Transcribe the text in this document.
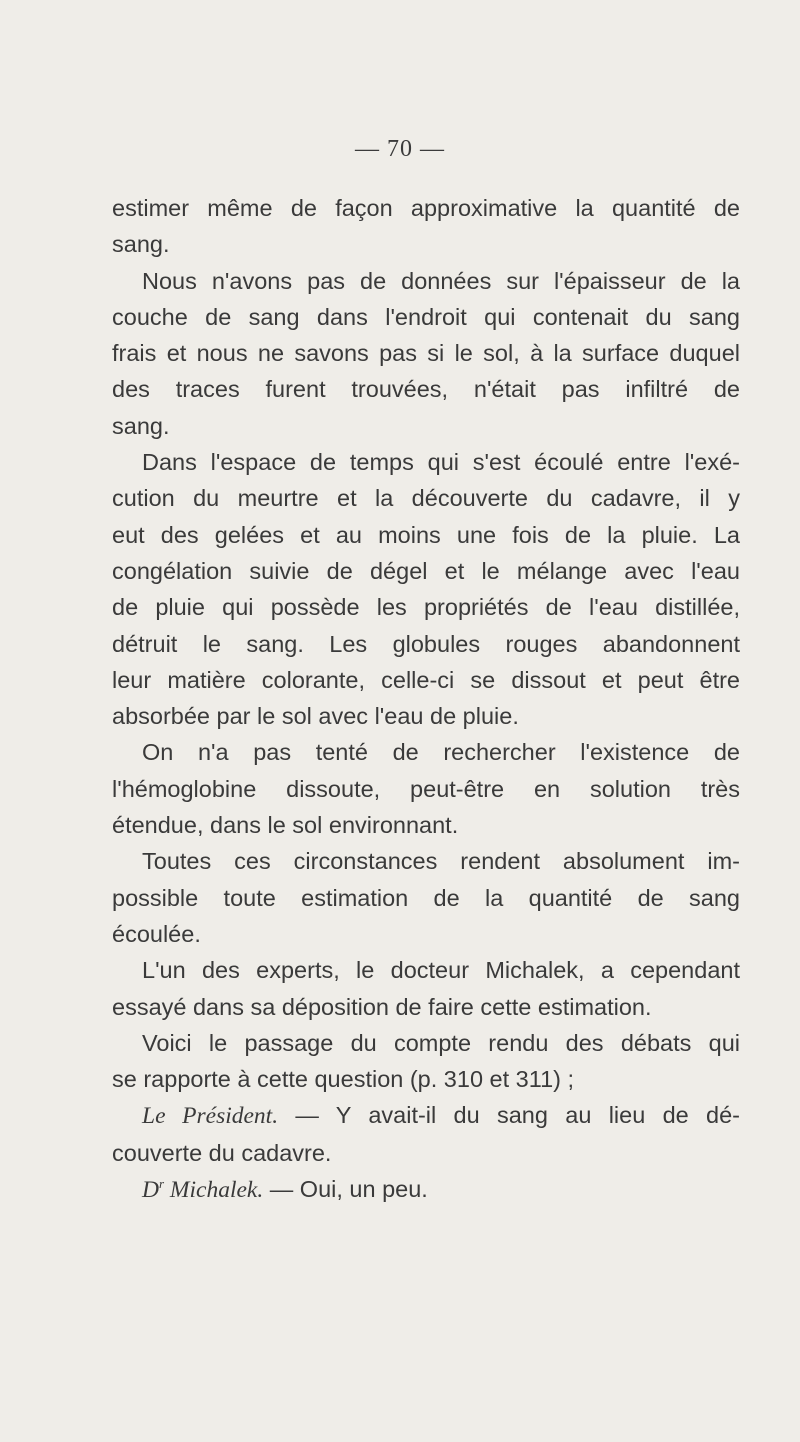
— 70 —
estimer même de façon approximative la quantité de
sang.
Nous n'avons pas de données sur l'épaisseur de la
couche de sang dans l'endroit qui contenait du sang
frais et nous ne savons pas si le sol, à la surface duquel
des traces furent trouvées, n'était pas infiltré de
sang.
Dans l'espace de temps qui s'est écoulé entre l'exé-
cution du meurtre et la découverte du cadavre, il y
eut des gelées et au moins une fois de la pluie. La
congélation suivie de dégel et le mélange avec l'eau
de pluie qui possède les propriétés de l'eau distillée,
détruit le sang. Les globules rouges abandonnent
leur matière colorante, celle-ci se dissout et peut être
absorbée par le sol avec l'eau de pluie.
On n'a pas tenté de rechercher l'existence de
l'hémoglobine dissoute, peut-être en solution très
étendue, dans le sol environnant.
Toutes ces circonstances rendent absolument im-
possible toute estimation de la quantité de sang
écoulée.
L'un des experts, le docteur Michalek, a cependant
essayé dans sa déposition de faire cette estimation.
Voici le passage du compte rendu des débats qui
se rapporte à cette question (p. 310 et 311) ;
Le Président. — Y avait-il du sang au lieu de dé-
couverte du cadavre.
$D^r$ Michalek. — Oui, un peu.
